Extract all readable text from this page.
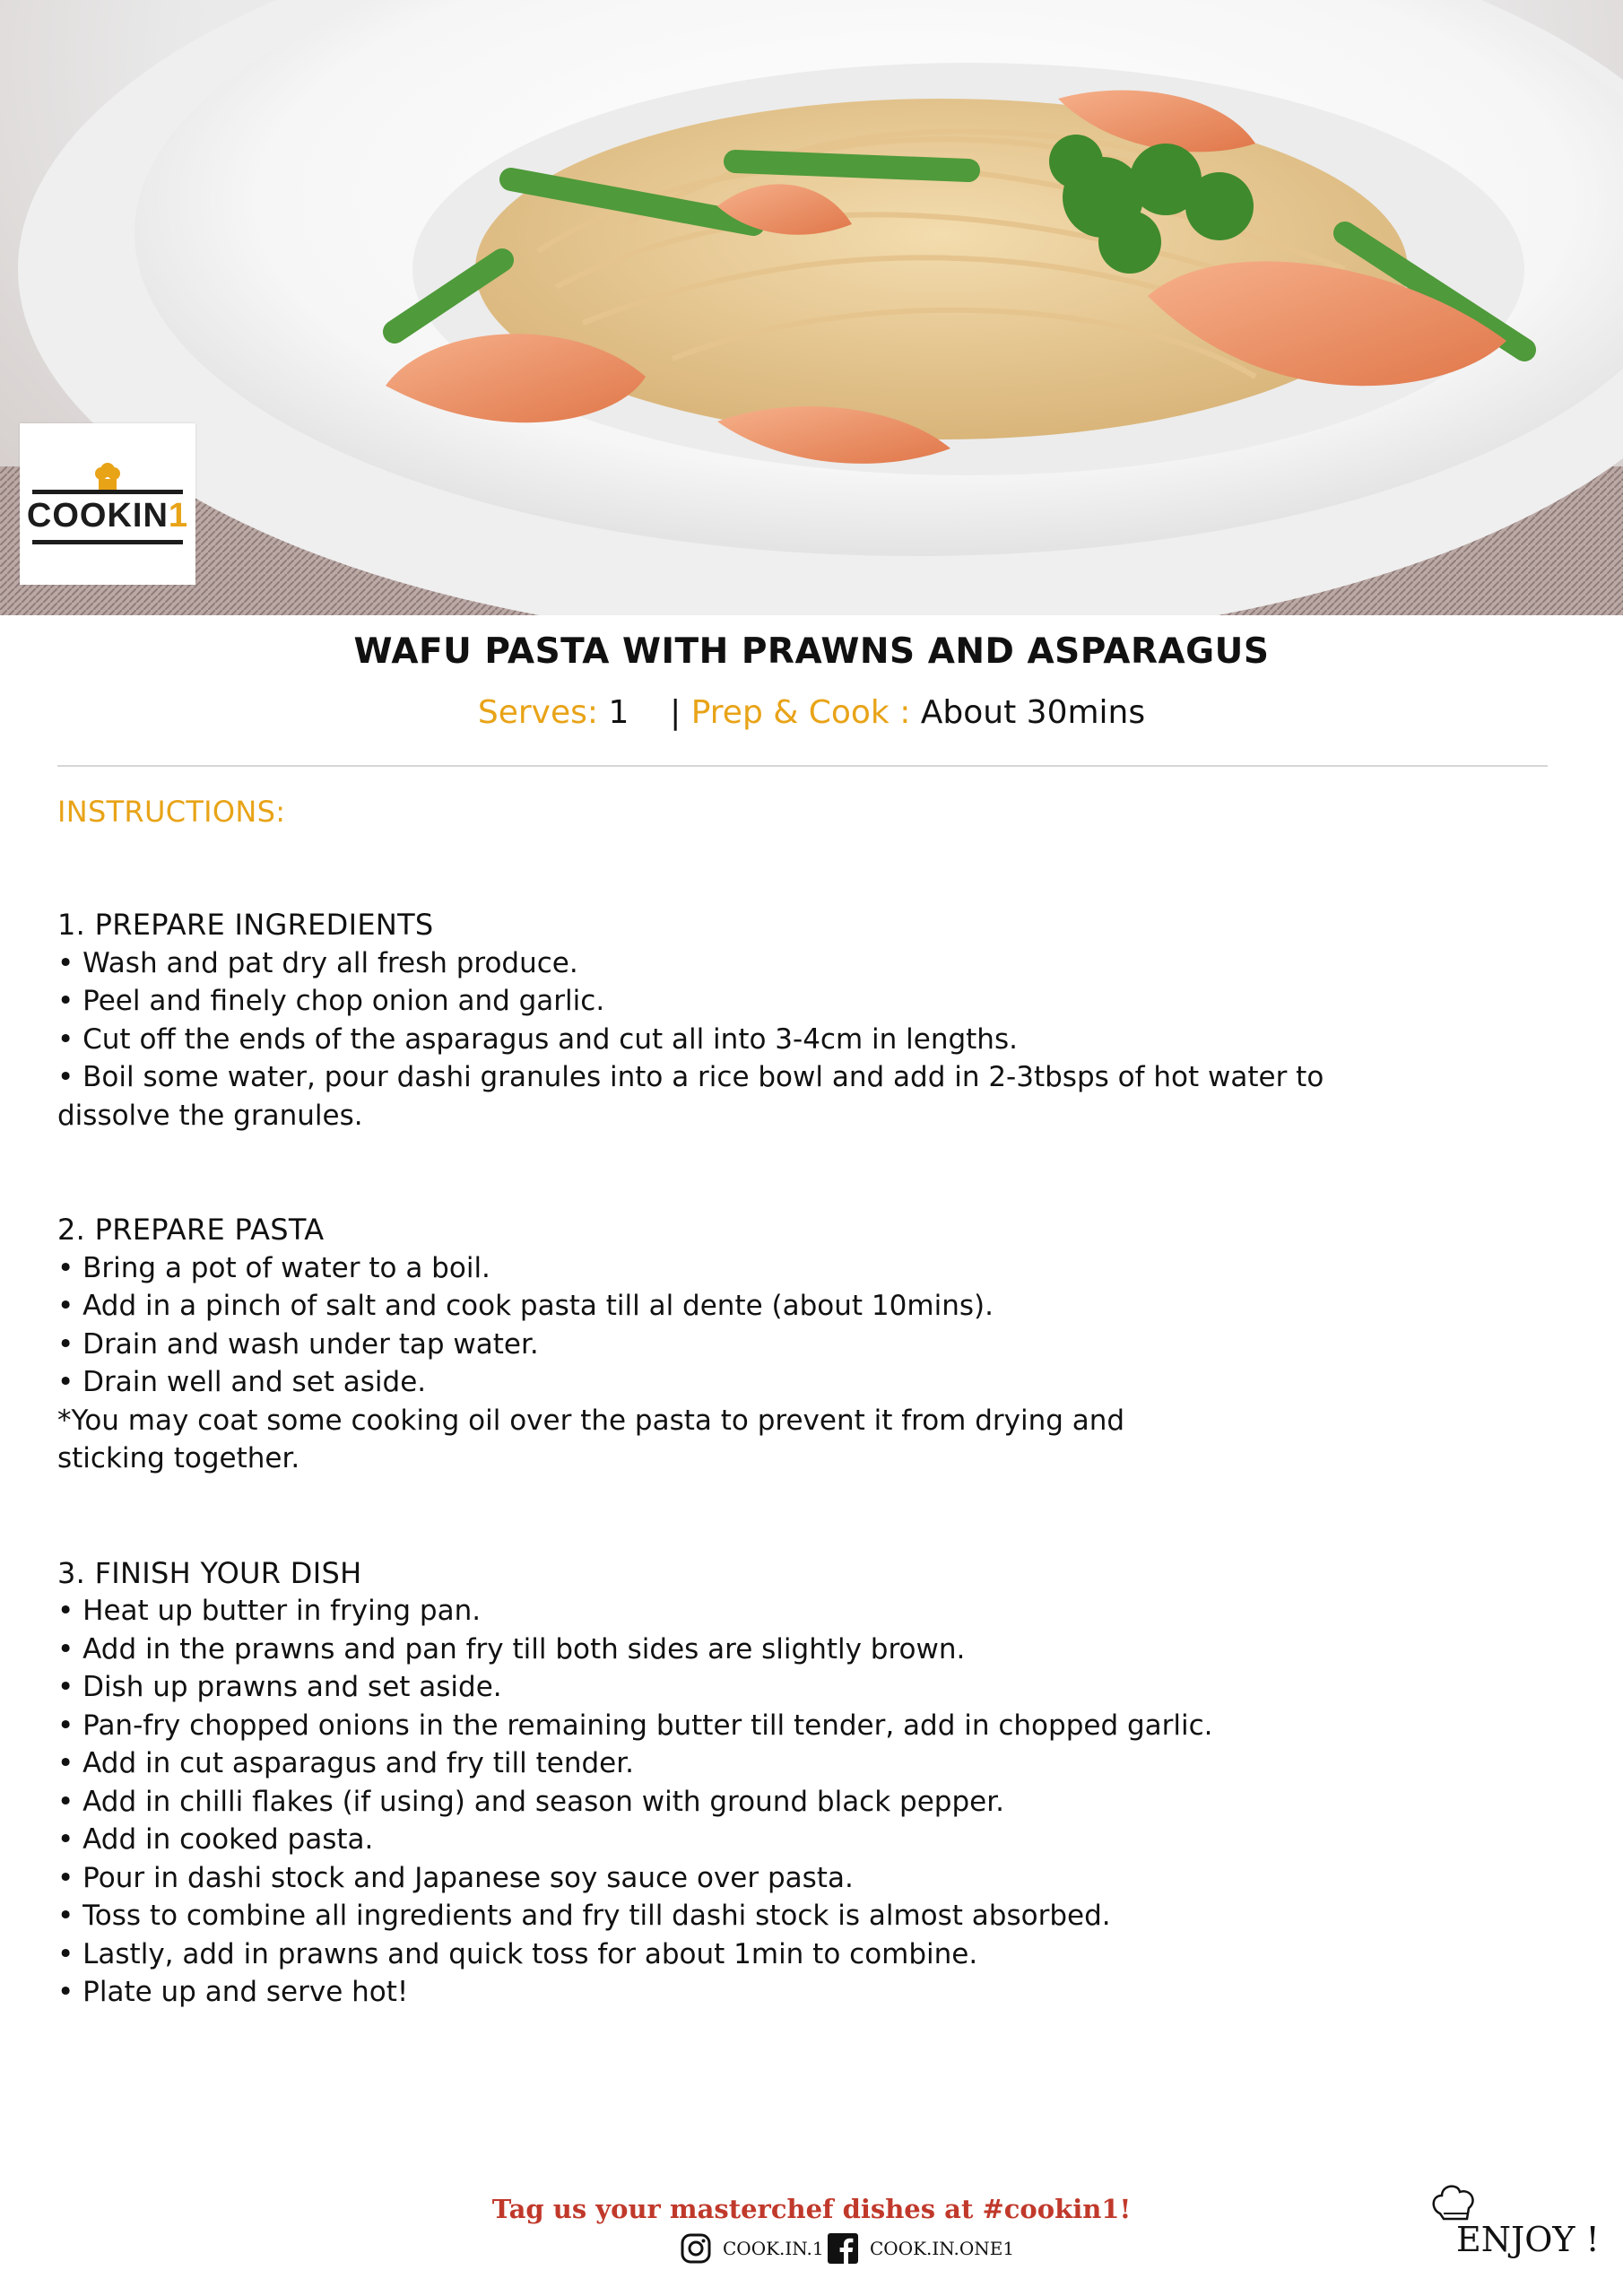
COOKIN1
WAFU PASTA WITH PRAWNS AND ASPARAGUS
Serves: 1    | Prep & Cook : About 30mins
INSTRUCTIONS:
1. PREPARE INGREDIENTS
• Wash and pat dry all fresh produce.
• Peel and finely chop onion and garlic.
• Cut off the ends of the asparagus and cut all into 3-4cm in lengths.
• Boil some water, pour dashi granules into a rice bowl and add in 2-3tbsps of hot water to
dissolve the granules.
2. PREPARE PASTA
• Bring a pot of water to a boil.
• Add in a pinch of salt and cook pasta till al dente (about 10mins).
• Drain and wash under tap water.
• Drain well and set aside.
*You may coat some cooking oil over the pasta to prevent it from drying and
sticking together.
3. FINISH YOUR DISH
• Heat up butter in frying pan.
• Add in the prawns and pan fry till both sides are slightly brown.
• Dish up prawns and set aside.
• Pan-fry chopped onions in the remaining butter till tender, add in chopped garlic.
• Add in cut asparagus and fry till tender.
• Add in chilli flakes (if using) and season with ground black pepper.
• Add in cooked pasta.
• Pour in dashi stock and Japanese soy sauce over pasta.
• Toss to combine all ingredients and fry till dashi stock is almost absorbed.
• Lastly, add in prawns and quick toss for about 1min to combine.
• Plate up and serve hot!
Tag us your masterchef dishes at #cookin1!
COOK.IN.1	COOK.IN.ONE1	ENJOY !
